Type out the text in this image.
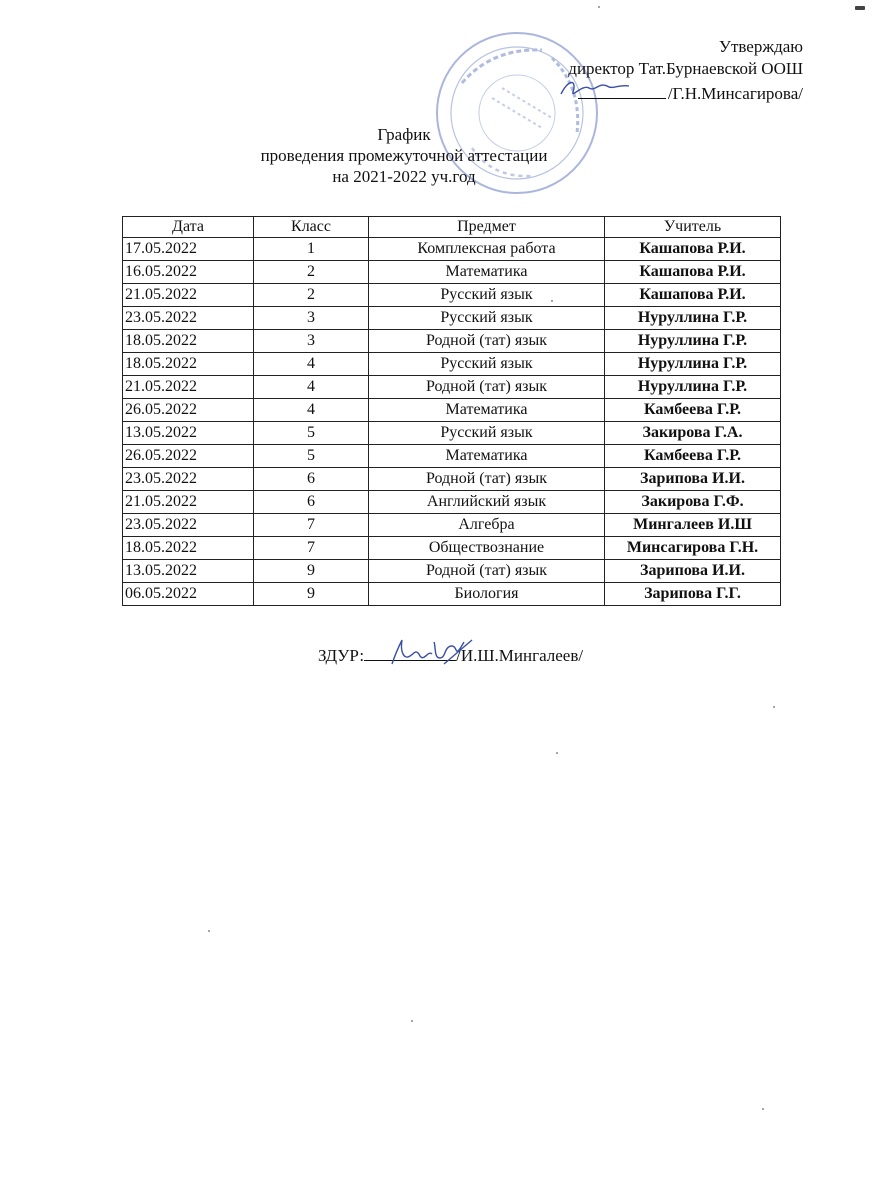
Утверждаю
директор Тат.Бурнаевской ООШ
/Г.Н.Минсагирова/
График
проведения промежуточной аттестации
на 2021-2022 уч.год
Дата	Класс	Предмет	Учитель
17.05.2022	1	Комплексная работа	Кашапова Р.И.
16.05.2022	2	Математика	Кашапова Р.И.
21.05.2022	2	Русский язык	Кашапова Р.И.
23.05.2022	3	Русский язык	Нуруллина Г.Р.
18.05.2022	3	Родной (тат) язык	Нуруллина Г.Р.
18.05.2022	4	Русский язык	Нуруллина Г.Р.
21.05.2022	4	Родной (тат) язык	Нуруллина Г.Р.
26.05.2022	4	Математика	Камбеева Г.Р.
13.05.2022	5	Русский язык	Закирова Г.А.
26.05.2022	5	Математика	Камбеева Г.Р.
23.05.2022	6	Родной (тат) язык	Зарипова И.И.
21.05.2022	6	Английский язык	Закирова Г.Ф.
23.05.2022	7	Алгебра	Мингалеев И.Ш
18.05.2022	7	Обществознание	Минсагирова Г.Н.
13.05.2022	9	Родной (тат) язык	Зарипова И.И.
06.05.2022	9	Биология	Зарипова Г.Г.
ЗДУР:	/И.Ш.Мингалеев/
